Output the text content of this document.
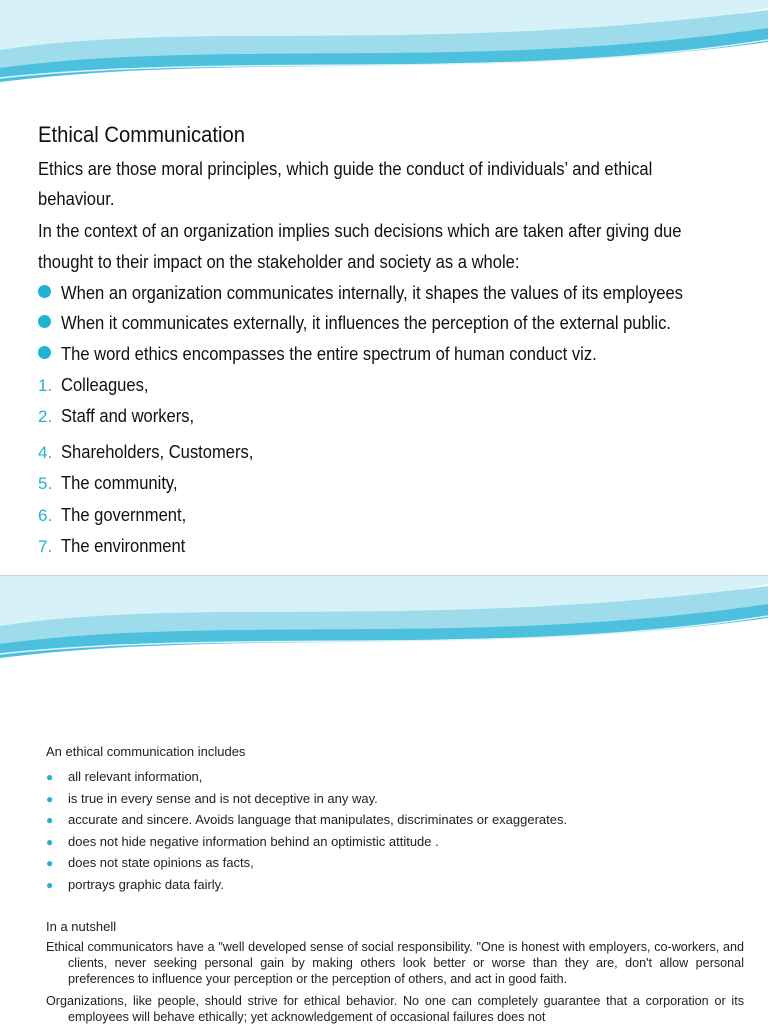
Ethical Communication
Ethics are those moral principles, which guide the conduct of individuals’ and ethical
behaviour.
In the context of an organization implies such decisions which are taken after giving due
thought to their impact on the stakeholder and society as a whole:
When an organization communicates internally, it shapes the values of its employees
When it communicates externally, it influences the perception of the external public.
The word ethics encompasses the entire spectrum of human conduct viz.
1. Colleagues,
2. Staff and workers,
4. Shareholders, Customers,
5. The community,
6. The government,
7. The environment
An ethical communication includes
● all relevant information,
● is true in every sense and is not deceptive in any way.
● accurate and sincere. Avoids language that manipulates, discriminates or exaggerates.
● does not hide negative information behind an optimistic attitude .
● does not state opinions as facts,
● portrays graphic data fairly.
In a nutshell
Ethical communicators have a "well developed sense of social responsibility. "One is honest with employers, co-workers, and clients, never seeking personal gain by making others look better or worse than they are, don't allow personal preferences to influence your perception or the perception of others, and act in good faith.
Organizations, like people, should strive for ethical behavior. No one can completely guarantee that a corporation or its employees will behave ethically; yet acknowledgement of occasional failures does not
